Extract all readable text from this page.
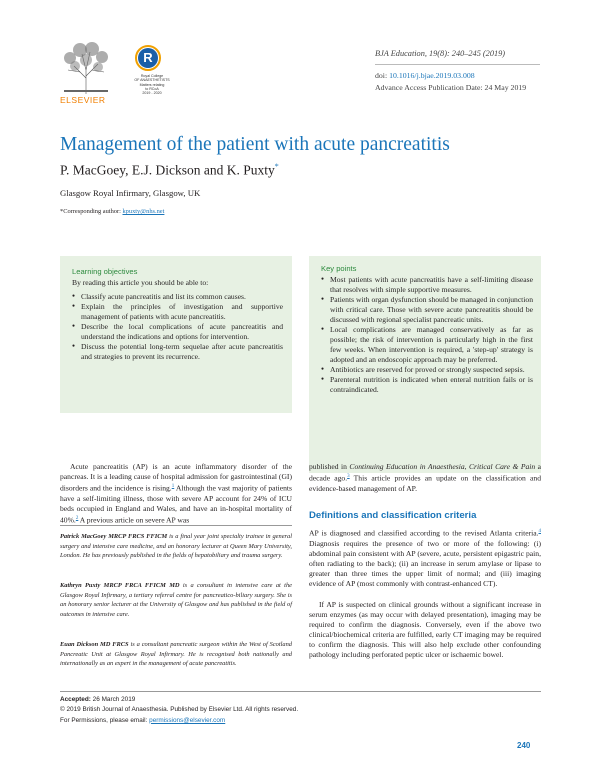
ELSEVIER
R
Royal College
OF ANAESTHETISTS
Matters relating
to RCoA
2019 - 2020
BJA Education, 19(8): 240–245 (2019)
doi: 10.1016/j.bjae.2019.03.008
Advance Access Publication Date: 24 May 2019
Management of the patient with acute pancreatitis
P. MacGoey, E.J. Dickson and K. Puxty*
Glasgow Royal Infirmary, Glasgow, UK
*Corresponding author: kpuxty@nhs.net
Learning objectives
By reading this article you should be able to:
● Classify acute pancreatitis and list its common causes.
● Explain the principles of investigation and supportive management of patients with acute pancreatitis.
● Describe the local complications of acute pancreatitis and understand the indications and options for intervention.
● Discuss the potential long-term sequelae after acute pancreatitis and strategies to prevent its recurrence.
Key points
● Most patients with acute pancreatitis have a self-limiting disease that resolves with simple supportive measures.
● Patients with organ dysfunction should be managed in conjunction with critical care. Those with severe acute pancreatitis should be discussed with regional specialist pancreatic units.
● Local complications are managed conservatively as far as possible; the risk of intervention is particularly high in the first few weeks. When intervention is required, a 'step-up' strategy is adopted and an endoscopic approach may be preferred.
● Antibiotics are reserved for proved or strongly suspected sepsis.
● Parenteral nutrition is indicated when enteral nutrition fails or is contraindicated.

Acute pancreatitis (AP) is an acute inflammatory disorder of the pancreas. It is a leading cause of hospital admission for gastrointestinal (GI) disorders and the incidence is rising.$^1$ Although the vast majority of patients have a self-limiting illness, those with severe AP account for 24% of ICU beds occupied in England and Wales, and have an in-hospital mortality of 40%.$^2$ A previous article on severe AP was

published in Continuing Education in Anaesthesia, Critical Care & Pain a decade ago.$^3$ This article provides an update on the classification and evidence-based management of AP.

Definitions and classification criteria

AP is diagnosed and classified according to the revised Atlanta criteria.$^4$ Diagnosis requires the presence of two or more of the following: (i) abdominal pain consistent with AP (severe, acute, persistent epigastric pain, often radiating to the back); (ii) an increase in serum amylase or lipase to greater than three times the upper limit of normal; and (iii) imaging evidence of AP (most commonly with contrast-enhanced CT).

If AP is suspected on clinical grounds without a significant increase in serum enzymes (as may occur with delayed presentation), imaging may be required to confirm the diagnosis. Conversely, even if the above two clinical/biochemical criteria are fulfilled, early CT imaging may be required to confirm the diagnosis. This will also help exclude other confounding pathology including perforated peptic ulcer or ischaemic bowel.

Patrick MacGoey MRCP FRCS FFICM is a final year joint specialty trainee in general surgery and intensive care medicine, and an honorary lecturer at Queen Mary University, London. He has previously published in the fields of hepatobiliary and trauma surgery.

Kathryn Puxty MRCP FRCA FFICM MD is a consultant in intensive care at the Glasgow Royal Infirmary, a tertiary referral centre for pancreatico-biliary surgery. She is an honorary senior lecturer at the University of Glasgow and has published in the field of outcomes in intensive care.

Euan Dickson MD FRCS is a consultant pancreatic surgeon within the West of Scotland Pancreatic Unit at Glasgow Royal Infirmary. He is recognised both nationally and internationally as an expert in the management of acute pancreatitis.

Accepted: 26 March 2019
© 2019 British Journal of Anaesthesia. Published by Elsevier Ltd. All rights reserved.
For Permissions, please email: permissions@elsevier.com
240
